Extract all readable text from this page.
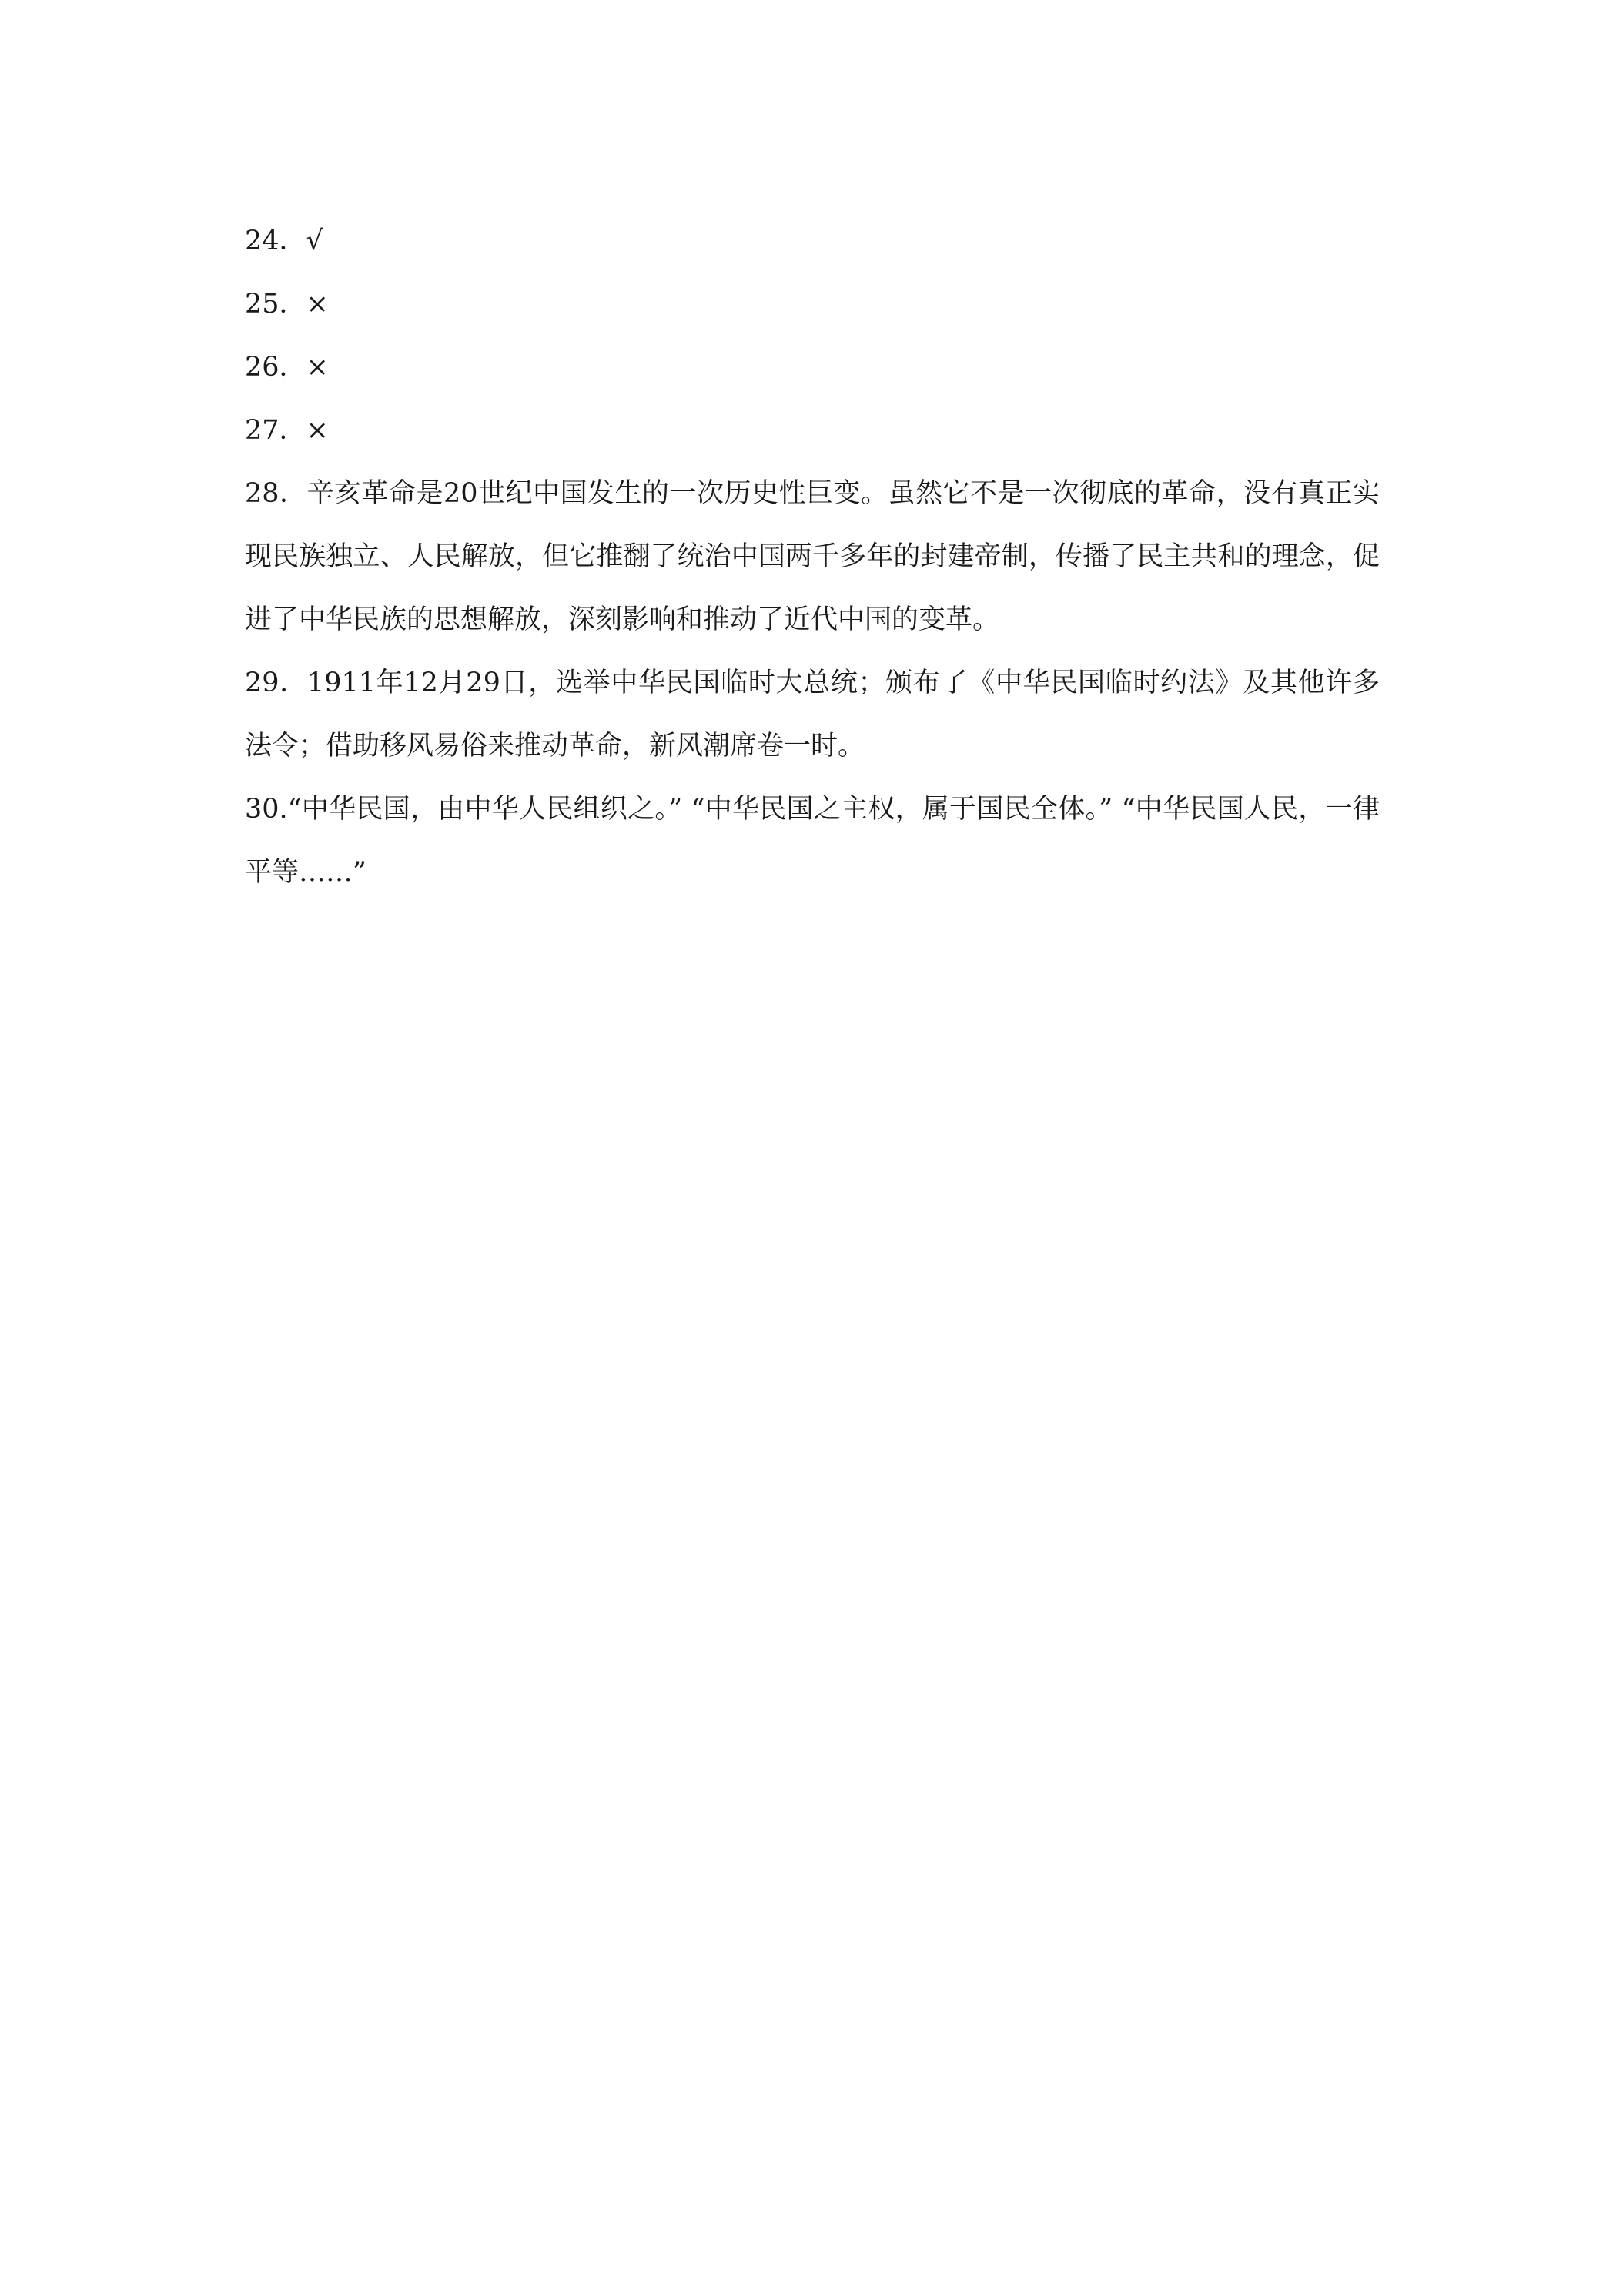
24．√

25．×

26．×

27．×

28．辛亥革命是20世纪中国发生的一次历史性巨变。虽然它不是一次彻底的革命，没有真正实现民族独立、人民解放，但它推翻了统治中国两千多年的封建帝制，传播了民主共和的理念，促进了中华民族的思想解放，深刻影响和推动了近代中国的变革。

29．1911年12月29日，选举中华民国临时大总统；颁布了《中华民国临时约法》及其他许多法令；借助移风易俗来推动革命，新风潮席卷一时。

30.“中华民国，由中华人民组织之。” “中华民国之主权，属于国民全体。” “中华民国人民，一律平等……”
